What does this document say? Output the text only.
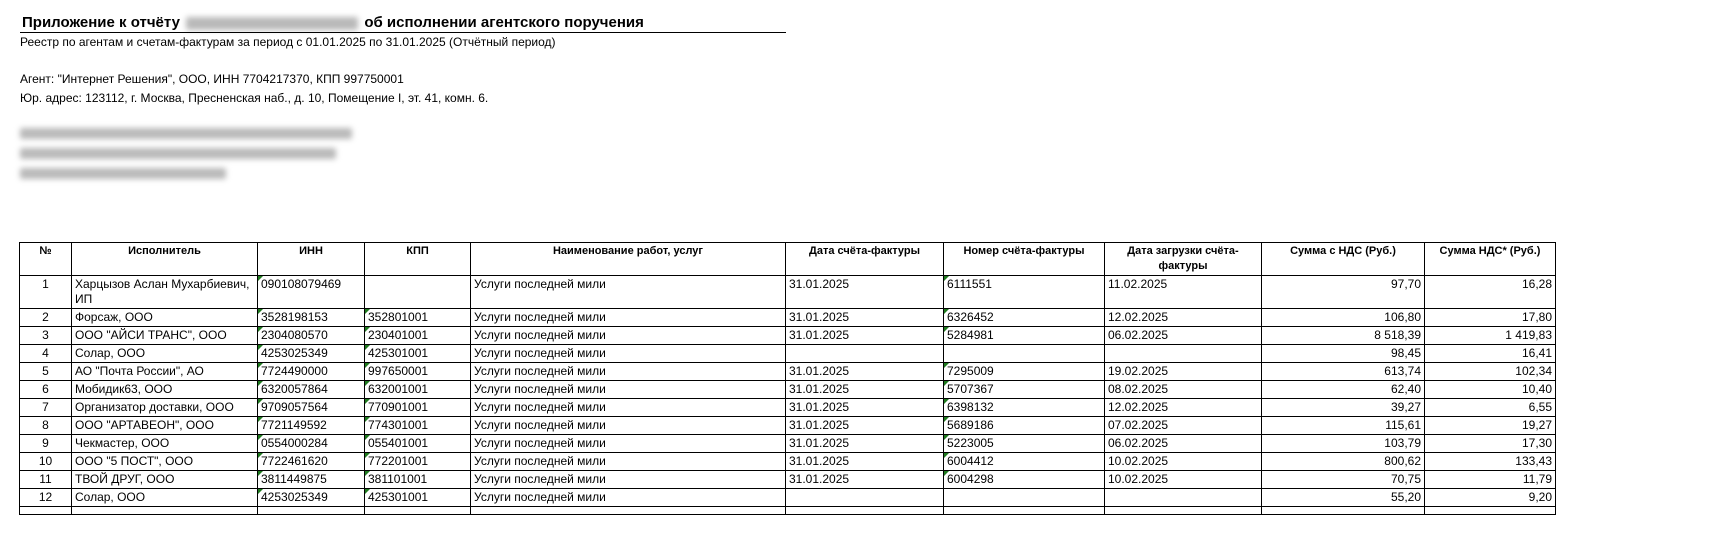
Приложение к отчёту	об исполнении агентского поручения
Реестр по агентам и счетам-фактурам за период с 01.01.2025 по 31.01.2025 (Отчётный период)
Агент: "Интернет Решения", ООО, ИНН 7704217370, КПП 997750001
Юр. адрес: 123112, г. Москва, Пресненская наб., д. 10, Помещение I, эт. 41, комн. 6.
№	Исполнитель	ИНН	КПП	Наименование работ, услуг	Дата счёта-фактуры	Номер счёта-фактуры	Дата загрузки счёта-фактуры	Сумма с НДС (Руб.)	Сумма НДС* (Руб.)
1	Харцызов Аслан Мухарбиевич, ИП	090108079469		Услуги последней мили	31.01.2025	6111551	11.02.2025	97,70	16,28
2	Форсаж, ООО	3528198153	352801001	Услуги последней мили	31.01.2025	6326452	12.02.2025	106,80	17,80
3	ООО "АЙСИ ТРАНС", ООО	2304080570	230401001	Услуги последней мили	31.01.2025	5284981	06.02.2025	8 518,39	1 419,83
4	Солар, ООО	4253025349	425301001	Услуги последней мили				98,45	16,41
5	АО "Почта России", АО	7724490000	997650001	Услуги последней мили	31.01.2025	7295009	19.02.2025	613,74	102,34
6	Мобидик63, ООО	6320057864	632001001	Услуги последней мили	31.01.2025	5707367	08.02.2025	62,40	10,40
7	Организатор доставки, ООО	9709057564	770901001	Услуги последней мили	31.01.2025	6398132	12.02.2025	39,27	6,55
8	ООО "АРТАВЕОН", ООО	7721149592	774301001	Услуги последней мили	31.01.2025	5689186	07.02.2025	115,61	19,27
9	Чекмастер, ООО	0554000284	055401001	Услуги последней мили	31.01.2025	5223005	06.02.2025	103,79	17,30
10	ООО "5 ПОСТ", ООО	7722461620	772201001	Услуги последней мили	31.01.2025	6004412	10.02.2025	800,62	133,43
11	ТВОЙ ДРУГ, ООО	3811449875	381101001	Услуги последней мили	31.01.2025	6004298	10.02.2025	70,75	11,79
12	Солар, ООО	4253025349	425301001	Услуги последней мили				55,20	9,20
